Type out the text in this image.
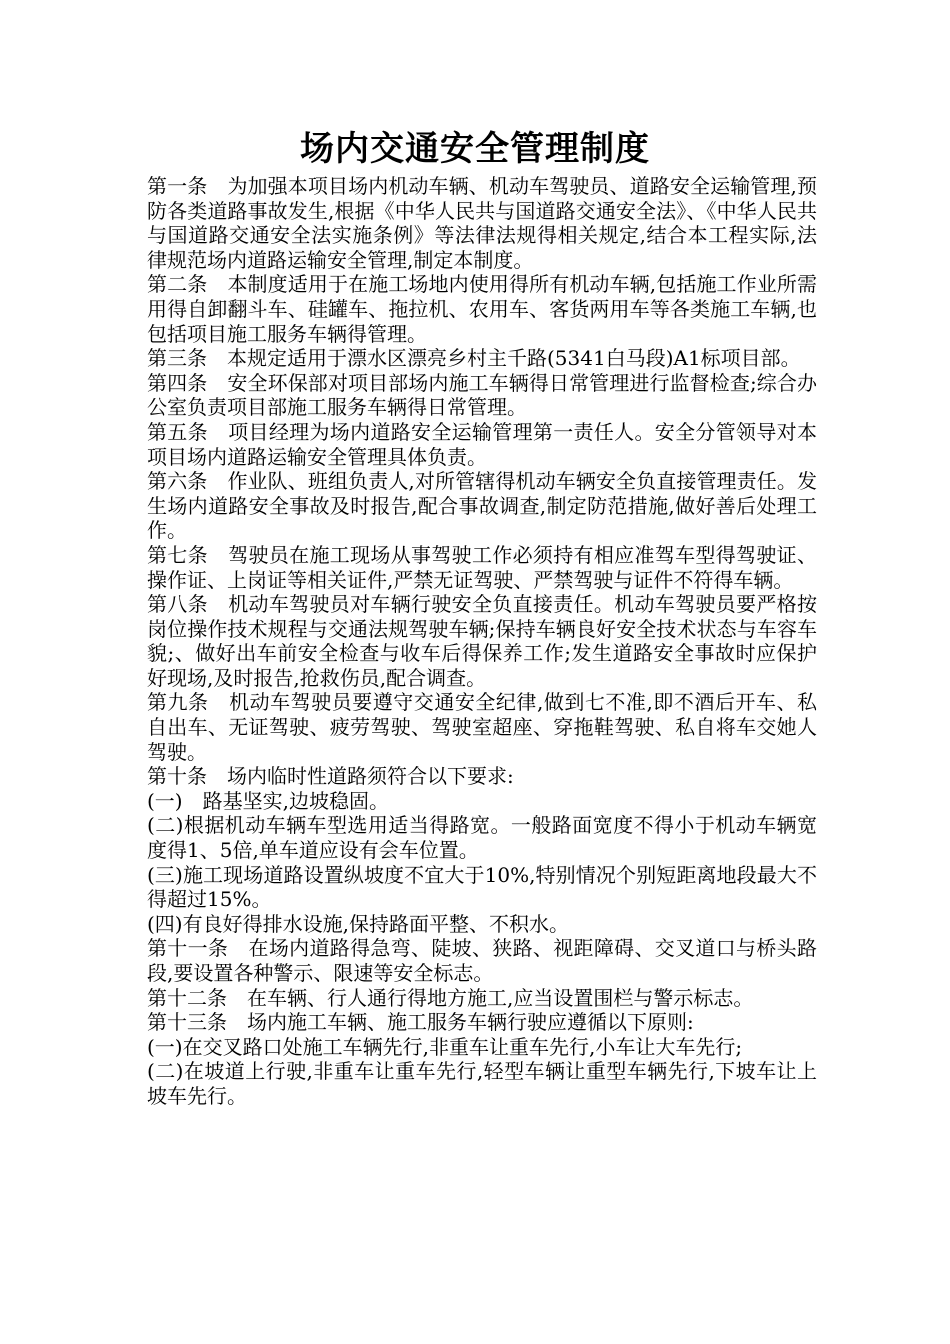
场内交通安全管理制度

第一条　为加强本项目场内机动车辆、机动车驾驶员、道路安全运输管理,预防各类道路事故发生,根据《中华人民共与国道路交通安全法》、《中华人民共与国道路交通安全法实施条例》等法律法规得相关规定,结合本工程实际,法律规范场内道路运输安全管理,制定本制度。

第二条　本制度适用于在施工场地内使用得所有机动车辆,包括施工作业所需用得自卸翻斗车、硅罐车、拖拉机、农用车、客货两用车等各类施工车辆,也包括项目施工服务车辆得管理。

第三条　本规定适用于漂水区漂亮乡村主千路(5341白马段)A1标项目部。

第四条　安全环保部对项目部场内施工车辆得日常管理进行监督检查;综合办公室负责项目部施工服务车辆得日常管理。

第五条　项目经理为场内道路安全运输管理第一责任人。安全分管领导对本项目场内道路运输安全管理具体负责。

第六条　作业队、班组负责人,对所管辖得机动车辆安全负直接管理责任。发生场内道路安全事故及时报告,配合事故调查,制定防范措施,做好善后处理工作。

第七条　驾驶员在施工现场从事驾驶工作必须持有相应准驾车型得驾驶证、操作证、上岗证等相关证件,严禁无证驾驶、严禁驾驶与证件不符得车辆。

第八条　机动车驾驶员对车辆行驶安全负直接责任。机动车驾驶员要严格按岗位操作技术规程与交通法规驾驶车辆;保持车辆良好安全技术状态与车容车貌;、做好出车前安全检查与收车后得保养工作;发生道路安全事故时应保护好现场,及时报告,抢救伤员,配合调查。

第九条　机动车驾驶员要遵守交通安全纪律,做到七不准,即不酒后开车、私自出车、无证驾驶、疲劳驾驶、驾驶室超座、穿拖鞋驾驶、私自将车交她人驾驶。

第十条　场内临时性道路须符合以下要求:

(一)　路基坚实,边坡稳固。

(二)根据机动车辆车型选用适当得路宽。一般路面宽度不得小于机动车辆宽度得1、5倍,单车道应设有会车位置。

(三)施工现场道路设置纵坡度不宜大于10%,特别情况个别短距离地段最大不得超过15%。

(四)有良好得排水设施,保持路面平整、不积水。

第十一条　在场内道路得急弯、陡坡、狭路、视距障碍、交叉道口与桥头路段,要设置各种警示、限速等安全标志。

第十二条　在车辆、行人通行得地方施工,应当设置围栏与警示标志。

第十三条　场内施工车辆、施工服务车辆行驶应遵循以下原则:

(一)在交叉路口处施工车辆先行,非重车让重车先行,小车让大车先行;

(二)在坡道上行驶,非重车让重车先行,轻型车辆让重型车辆先行,下坡车让上坡车先行。
